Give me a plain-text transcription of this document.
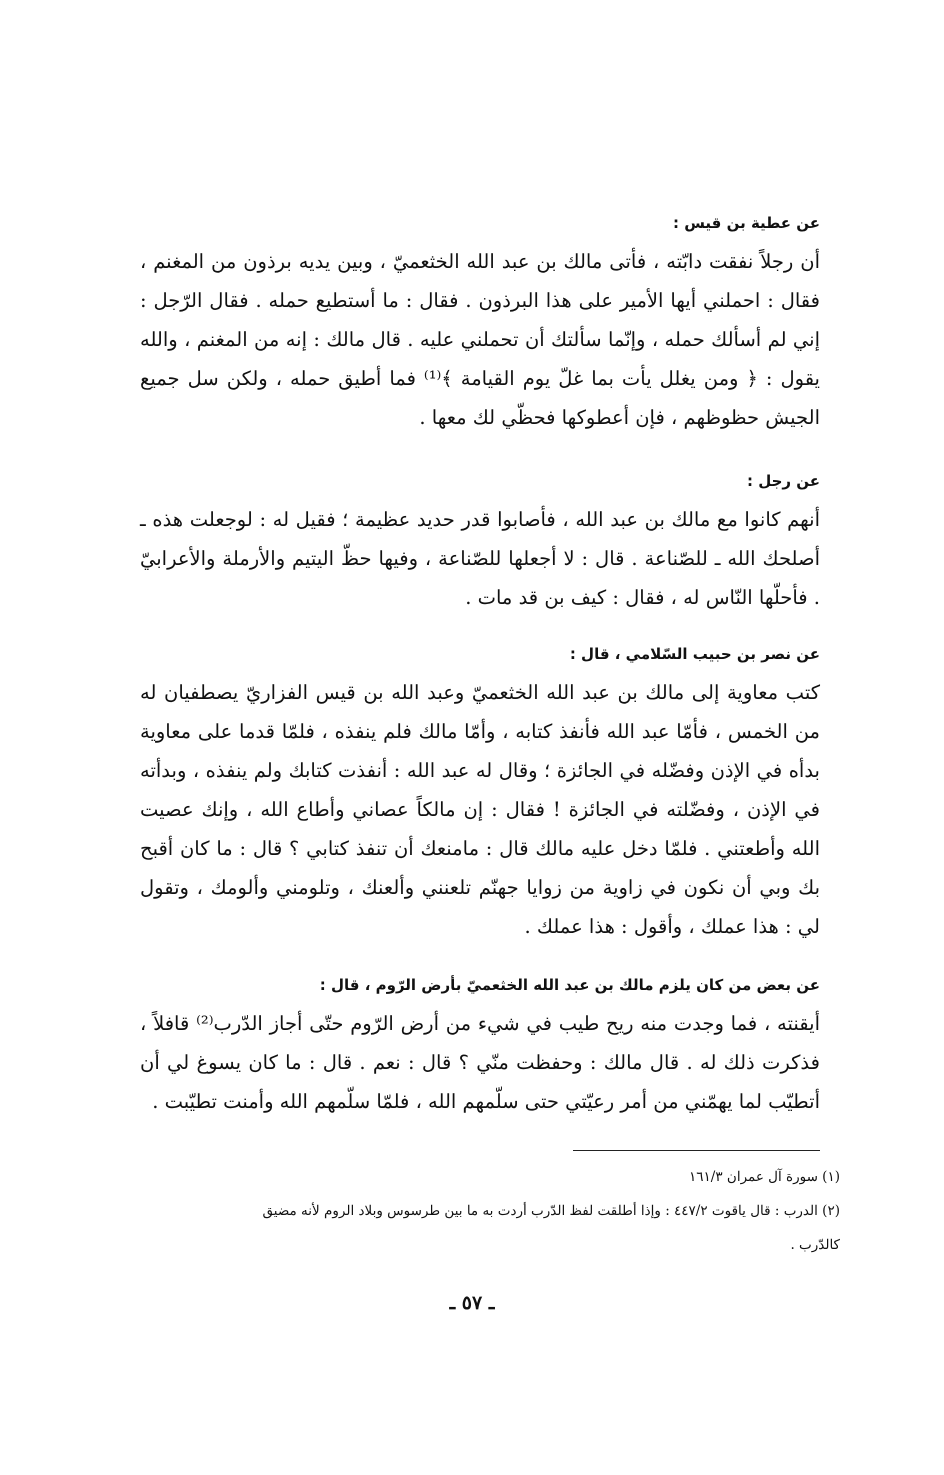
عن عطية بن قيس :
أن رجلاً نفقت دابّته ، فأتى مالك بن عبد الله الخثعميّ ، وبين يديه برذون من المغنم ، فقال : احملني أيها الأمير على هذا البرذون . فقال : ما أستطيع حمله . فقال الرّجل : إني لم أسألك حمله ، وإنّما سألتك أن تحملني عليه . قال مالك : إنه من المغنم ، والله يقول : ﴿ ومن يغلل يأت بما غلّ يوم القيامة ﴾⁽¹⁾ فما أطيق حمله ، ولكن سل جميع الجيش حظوظهم ، فإن أعطوكها فحظّي لك معها .
عن رجل :
أنهم كانوا مع مالك بن عبد الله ، فأصابوا قدر حديد عظيمة ؛ فقيل له : لوجعلت هذه ـ أصلحك الله ـ للصّناعة . قال : لا أجعلها للصّناعة ، وفيها حظّ اليتيم والأرملة والأعرابيّ . فأحلّها النّاس له ، فقال : كيف بن قد مات .
عن نصر بن حبيب السّلامي ، قال :
كتب معاوية إلى مالك بن عبد الله الخثعميّ وعبد الله بن قيس الفزاريّ يصطفيان له من الخمس ، فأمّا عبد الله فأنفذ كتابه ، وأمّا مالك فلم ينفذه ، فلمّا قدما على معاوية بدأه في الإذن وفضّله في الجائزة ؛ وقال له عبد الله : أنفذت كتابك ولم ينفذه ، وبدأته في الإذن ، وفضّلته في الجائزة ! فقال : إن مالكاً عصاني وأطاع الله ، وإنك عصيت الله وأطعتني . فلمّا دخل عليه مالك قال : مامنعك أن تنفذ كتابي ؟ قال : ما كان أقبح بك وبي أن نكون في زاوية من زوايا جهنّم تلعنني وألعنك ، وتلومني وألومك ، وتقول لي : هذا عملك ، وأقول : هذا عملك .
عن بعض من كان يلزم مالك بن عبد الله الخثعميّ بأرض الرّوم ، قال :
أيقنته ، فما وجدت منه ريح طيب في شيء من أرض الرّوم حتّى أجاز الدّرب⁽²⁾ قافلاً ، فذكرت ذلك له . قال مالك : وحفظت منّي ؟ قال : نعم . قال : ما كان يسوغ لي أن أتطيّب لما يهمّني من أمر رعيّتي حتى سلّمهم الله ، فلمّا سلّمهم الله وأمنت تطيّبت .

(١) سورة آل عمران ١٦١/٣

(٢) الدرب : قال ياقوت ٤٤٧/٢ : وإذا أطلقت لفظ الدّرب أردت به ما بين طرسوس وبلاد الروم لأنه مضيق

كالدّرب .

ـ ٥٧ ـ
